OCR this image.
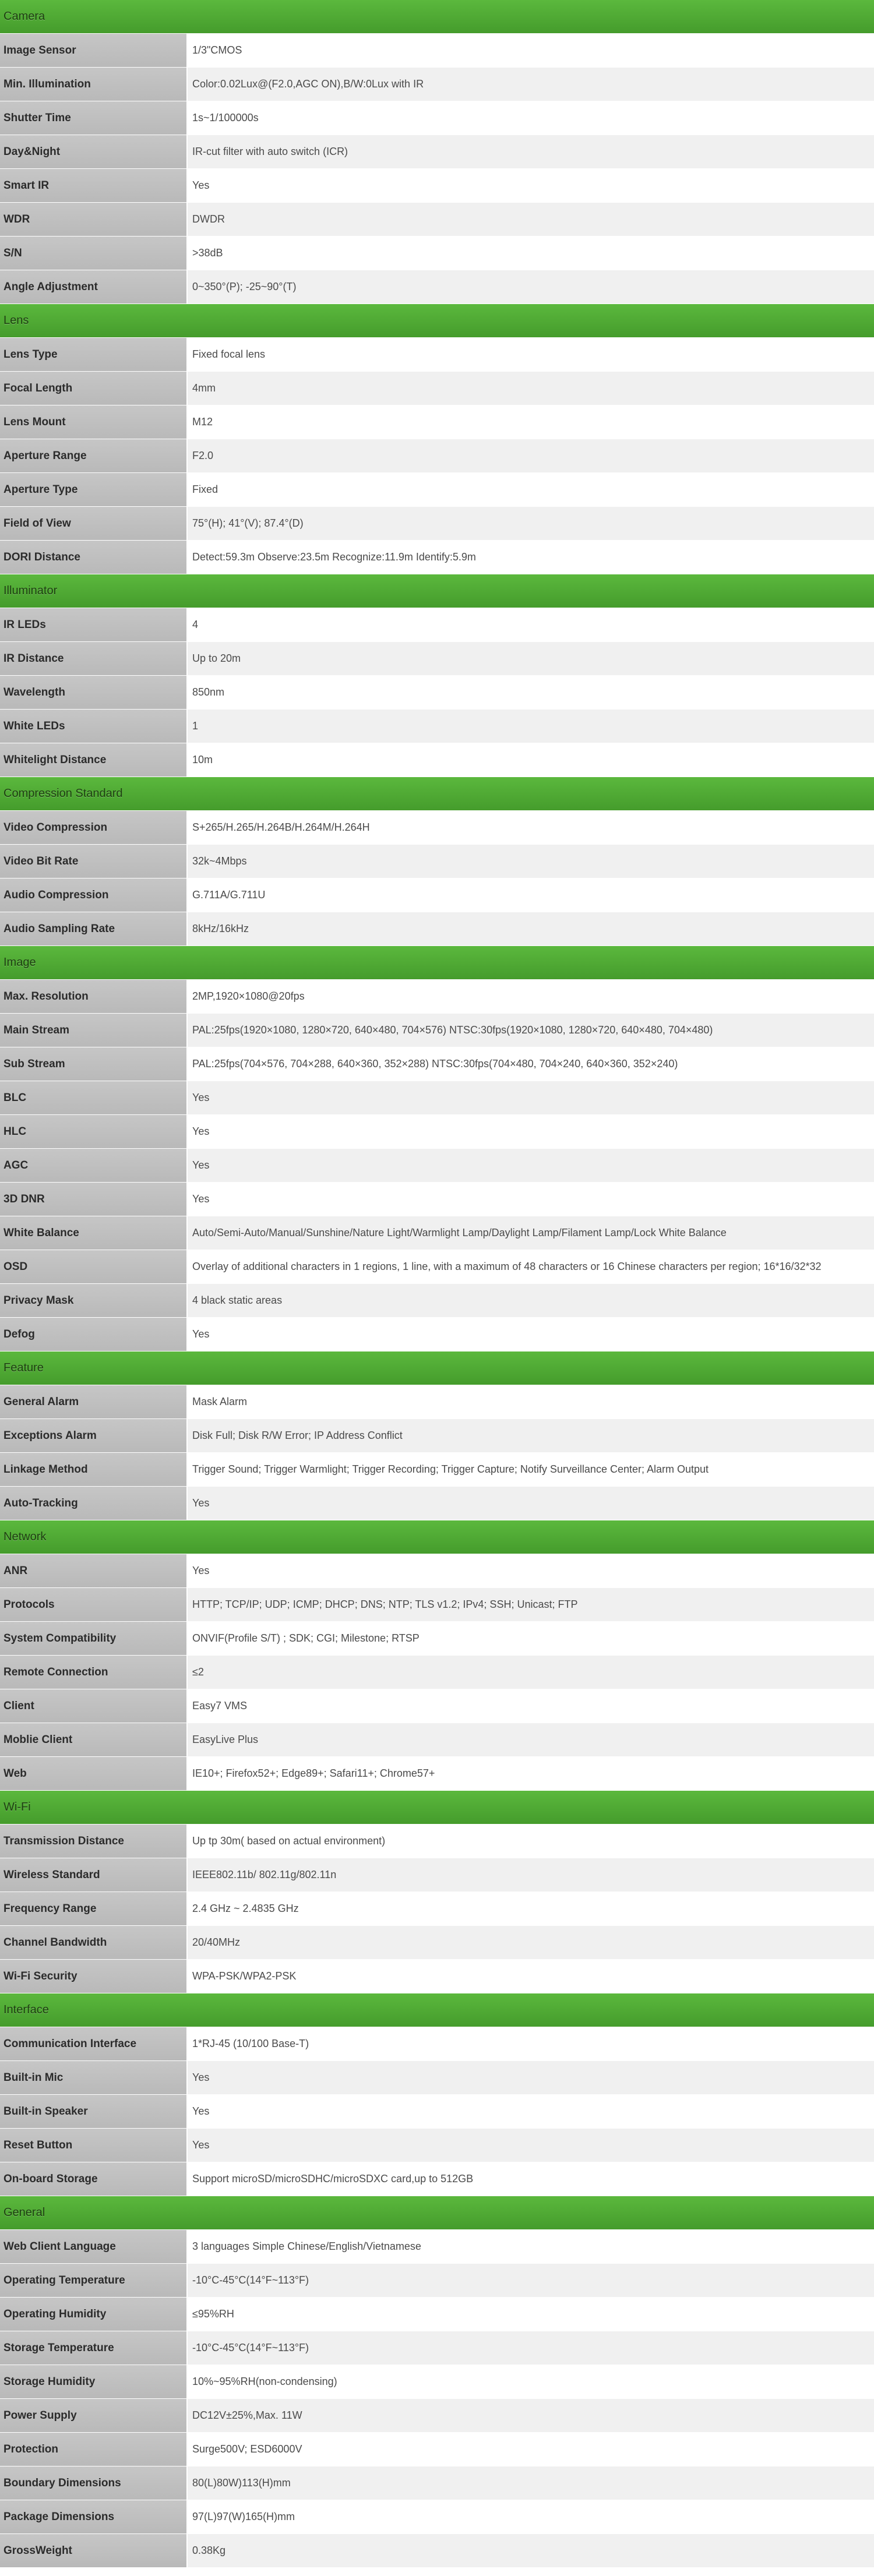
Camera	
Image Sensor	1/3"CMOS
Min. Illumination	Color:0.02Lux@(F2.0,AGC ON),B/W:0Lux with IR
Shutter Time	1s~1/100000s
Day&Night	IR-cut filter with auto switch (ICR)
Smart IR	Yes
WDR	DWDR
S/N	>38dB
Angle Adjustment	0~350°(P); -25~90°(T)
Lens	
Lens Type	Fixed focal lens
Focal Length	4mm
Lens Mount	M12
Aperture Range	F2.0
Aperture Type	Fixed
Field of View	75°(H); 41°(V); 87.4°(D)
DORI Distance	Detect:59.3m Observe:23.5m Recognize:11.9m Identify:5.9m
Illuminator	
IR LEDs	4
IR Distance	Up to 20m
Wavelength	850nm
White LEDs	1
Whitelight Distance	10m
Compression Standard	
Video Compression	S+265/H.265/H.264B/H.264M/H.264H
Video Bit Rate	32k~4Mbps
Audio Compression	G.711A/G.711U
Audio Sampling Rate	8kHz/16kHz
Image	
Max. Resolution	2MP,1920×1080@20fps
Main Stream	PAL:25fps(1920×1080, 1280×720, 640×480, 704×576) NTSC:30fps(1920×1080, 1280×720, 640×480, 704×480)
Sub Stream	PAL:25fps(704×576, 704×288, 640×360, 352×288) NTSC:30fps(704×480, 704×240, 640×360, 352×240)
BLC	Yes
HLC	Yes
AGC	Yes
3D DNR	Yes
White Balance	Auto/Semi-Auto/Manual/Sunshine/Nature Light/Warmlight Lamp/Daylight Lamp/Filament Lamp/Lock White Balance
OSD	Overlay of additional characters in 1 regions, 1 line, with a maximum of 48 characters or 16 Chinese characters per region; 16*16/32*32
Privacy Mask	4 black static areas
Defog	Yes
Feature	
General Alarm	Mask Alarm
Exceptions Alarm	Disk Full; Disk R/W Error; IP Address Conflict
Linkage Method	Trigger Sound; Trigger Warmlight; Trigger Recording; Trigger Capture; Notify Surveillance Center; Alarm Output
Auto-Tracking	Yes
Network	
ANR	Yes
Protocols	HTTP; TCP/IP; UDP; ICMP; DHCP; DNS; NTP; TLS v1.2; IPv4; SSH; Unicast; FTP
System Compatibility	ONVIF(Profile S/T) ; SDK; CGI; Milestone; RTSP
Remote Connection	≤2
Client	Easy7 VMS
Moblie Client	EasyLive Plus
Web	IE10+; Firefox52+; Edge89+; Safari11+; Chrome57+
Wi-Fi	
Transmission Distance	Up tp 30m( based on actual environment)
Wireless Standard	IEEE802.11b/ 802.11g/802.11n
Frequency Range	2.4 GHz ~ 2.4835 GHz
Channel Bandwidth	20/40MHz
Wi-Fi Security	WPA-PSK/WPA2-PSK
Interface	
Communication Interface	1*RJ-45 (10/100 Base-T)
Built-in Mic	Yes
Built-in Speaker	Yes
Reset Button	Yes
On-board Storage	Support microSD/microSDHC/microSDXC card,up to 512GB
General	
Web Client Language	3 languages Simple Chinese/English/Vietnamese
Operating Temperature	-10°C-45°C(14°F~113°F)
Operating Humidity	≤95%RH
Storage Temperature	-10°C-45°C(14°F~113°F)
Storage Humidity	10%~95%RH(non-condensing)
Power Supply	DC12V±25%,Max. 11W
Protection	Surge500V; ESD6000V
Boundary Dimensions	80(L)80W)113(H)mm
Package Dimensions	97(L)97(W)165(H)mm
GrossWeight	0.38Kg
